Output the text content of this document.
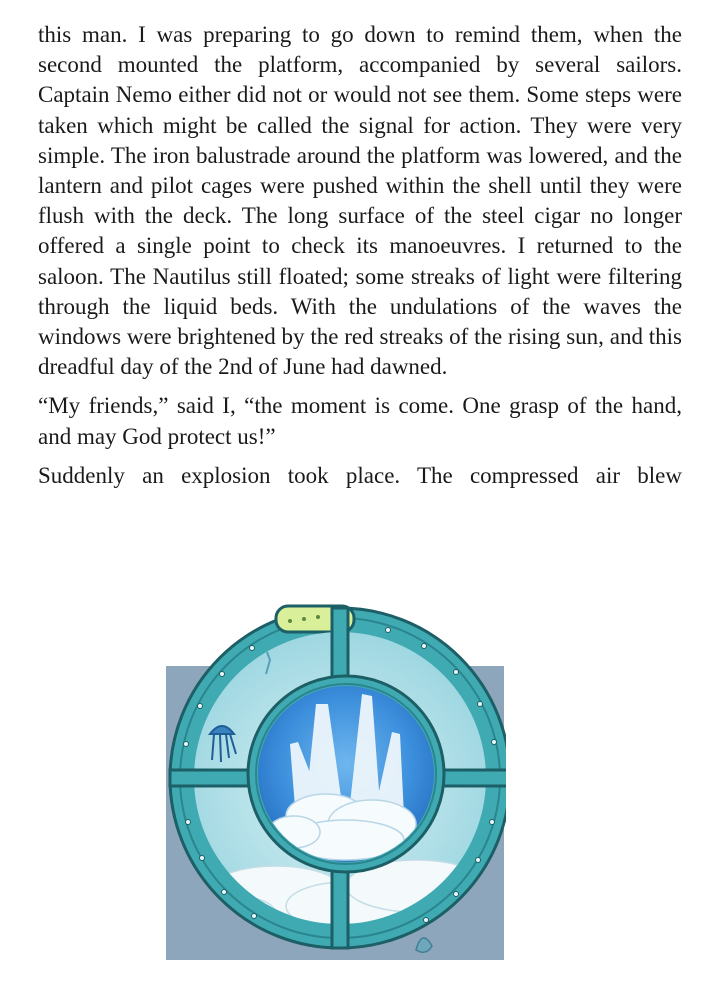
this man. I was preparing to go down to remind them, when the second mounted the platform, accompanied by several sailors. Captain Nemo either did not or would not see them. Some steps were taken which might be called the signal for action. They were very simple. The iron balustrade around the platform was lowered, and the lantern and pilot cages were pushed within the shell until they were flush with the deck. The long surface of the steel cigar no longer offered a single point to check its manoeuvres. I returned to the saloon. The Nautilus still floated; some streaks of light were filtering through the liquid beds. With the undulations of the waves the windows were brightened by the red streaks of the rising sun, and this dreadful day of the 2nd of June had dawned.

“My friends,” said I, “the moment is come. One grasp of the hand, and may God protect us!”

Suddenly an explosion took place. The compressed air blew
